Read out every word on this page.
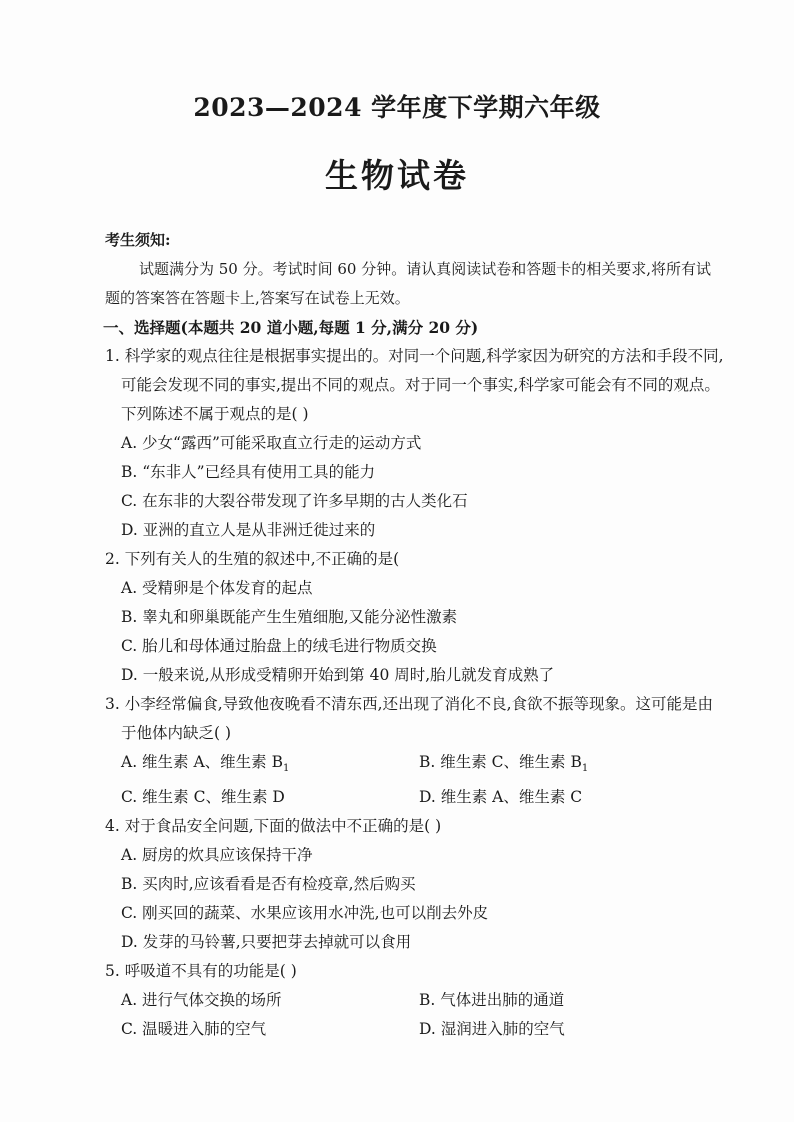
2023—2024 学年度下学期六年级
生物试卷
考生须知:
试题满分为 50 分。考试时间 60 分钟。请认真阅读试卷和答题卡的相关要求,将所有试题的答案答在答题卡上,答案写在试卷上无效。
一、选择题(本题共 20 道小题,每题 1 分,满分 20 分)
1. 科学家的观点往往是根据事实提出的。对同一个问题,科学家因为研究的方法和手段不同,可能会发现不同的事实,提出不同的观点。对于同一个事实,科学家可能会有不同的观点。下列陈述不属于观点的是( )
A. 少女“露西”可能采取直立行走的运动方式
B. “东非人”已经具有使用工具的能力
C. 在东非的大裂谷带发现了许多早期的古人类化石
D. 亚洲的直立人是从非洲迁徙过来的
2. 下列有关人的生殖的叙述中,不正确的是(
A. 受精卵是个体发育的起点
B. 睾丸和卵巢既能产生生殖细胞,又能分泌性激素
C. 胎儿和母体通过胎盘上的绒毛进行物质交换
D. 一般来说,从形成受精卵开始到第 40 周时,胎儿就发育成熟了
3. 小李经常偏食,导致他夜晚看不清东西,还出现了消化不良,食欲不振等现象。这可能是由于他体内缺乏( )
A. 维生素 A、维生素 $B_1$	B. 维生素 C、维生素 $B_1$
C. 维生素 C、维生素 D	D. 维生素 A、维生素 C
4. 对于食品安全问题,下面的做法中不正确的是( )
A. 厨房的炊具应该保持干净
B. 买肉时,应该看看是否有检疫章,然后购买
C. 刚买回的蔬菜、水果应该用水冲洗,也可以削去外皮
D. 发芽的马铃薯,只要把芽去掉就可以食用
5. 呼吸道不具有的功能是( )
A. 进行气体交换的场所	B. 气体进出肺的通道
C. 温暖进入肺的空气	D. 湿润进入肺的空气
